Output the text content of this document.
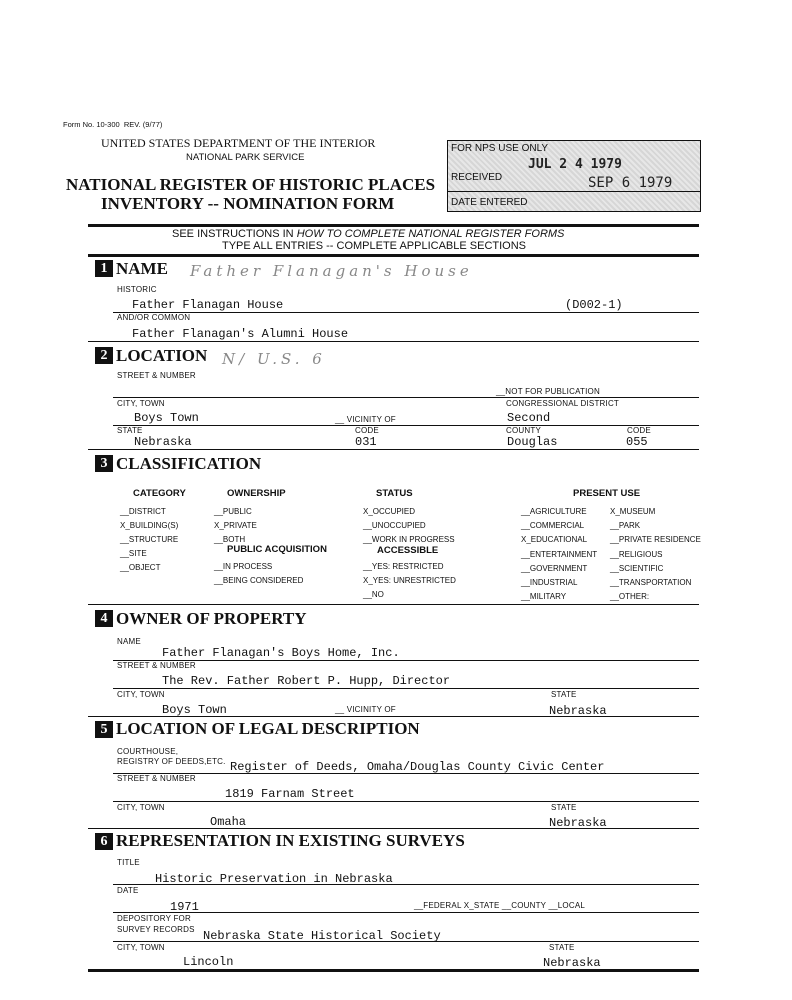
Form No. 10-300 REV. (9/77)
UNITED STATES DEPARTMENT OF THE INTERIOR
NATIONAL PARK SERVICE
NATIONAL REGISTER OF HISTORIC PLACES
INVENTORY -- NOMINATION FORM
FOR NPS USE ONLY
JUL 2 4 1979
RECEIVED	SEP 6 1979
DATE ENTERED
SEE INSTRUCTIONS IN HOW TO COMPLETE NATIONAL REGISTER FORMS
TYPE ALL ENTRIES -- COMPLETE APPLICABLE SECTIONS
1 NAME Father Flanagan's House
HISTORIC
Father Flanagan House	(D002-1)
AND/OR COMMON
Father Flanagan's Alumni House
2 LOCATION N/ U.S. 6
STREET & NUMBER
__NOT FOR PUBLICATION
CITY, TOWN	CONGRESSIONAL DISTRICT
Boys Town	__ VICINITY OF	Second
STATE	CODE	COUNTY	CODE
Nebraska	031	Douglas	055
3 CLASSIFICATION
CATEGORY
__DISTRICT
X_BUILDING(S)
__STRUCTURE
__SITE
__OBJECT
OWNERSHIP
__PUBLIC
X_PRIVATE
__BOTH
PUBLIC ACQUISITION
__IN PROCESS
__BEING CONSIDERED
STATUS
X_OCCUPIED
__UNOCCUPIED
__WORK IN PROGRESS
ACCESSIBLE
__YES: RESTRICTED
X_YES: UNRESTRICTED
__NO
PRESENT USE
__AGRICULTURE
__COMMERCIAL
X_EDUCATIONAL
__ENTERTAINMENT
__GOVERNMENT
__INDUSTRIAL
__MILITARY
X_MUSEUM
__PARK
__PRIVATE RESIDENCE
__RELIGIOUS
__SCIENTIFIC
__TRANSPORTATION
__OTHER:
4 OWNER OF PROPERTY
NAME
Father Flanagan's Boys Home, Inc.
STREET & NUMBER
The Rev. Father Robert P. Hupp, Director
CITY, TOWN	STATE
Boys Town	__ VICINITY OF	Nebraska
5 LOCATION OF LEGAL DESCRIPTION
COURTHOUSE,
REGISTRY OF DEEDS,ETC. Register of Deeds, Omaha/Douglas County Civic Center
STREET & NUMBER
1819 Farnam Street
CITY, TOWN	STATE
Omaha	Nebraska
6 REPRESENTATION IN EXISTING SURVEYS
TITLE
Historic Preservation in Nebraska
DATE
1971	__FEDERAL X_STATE __COUNTY __LOCAL
DEPOSITORY FOR
SURVEY RECORDS Nebraska State Historical Society
CITY, TOWN	STATE
Lincoln	Nebraska
